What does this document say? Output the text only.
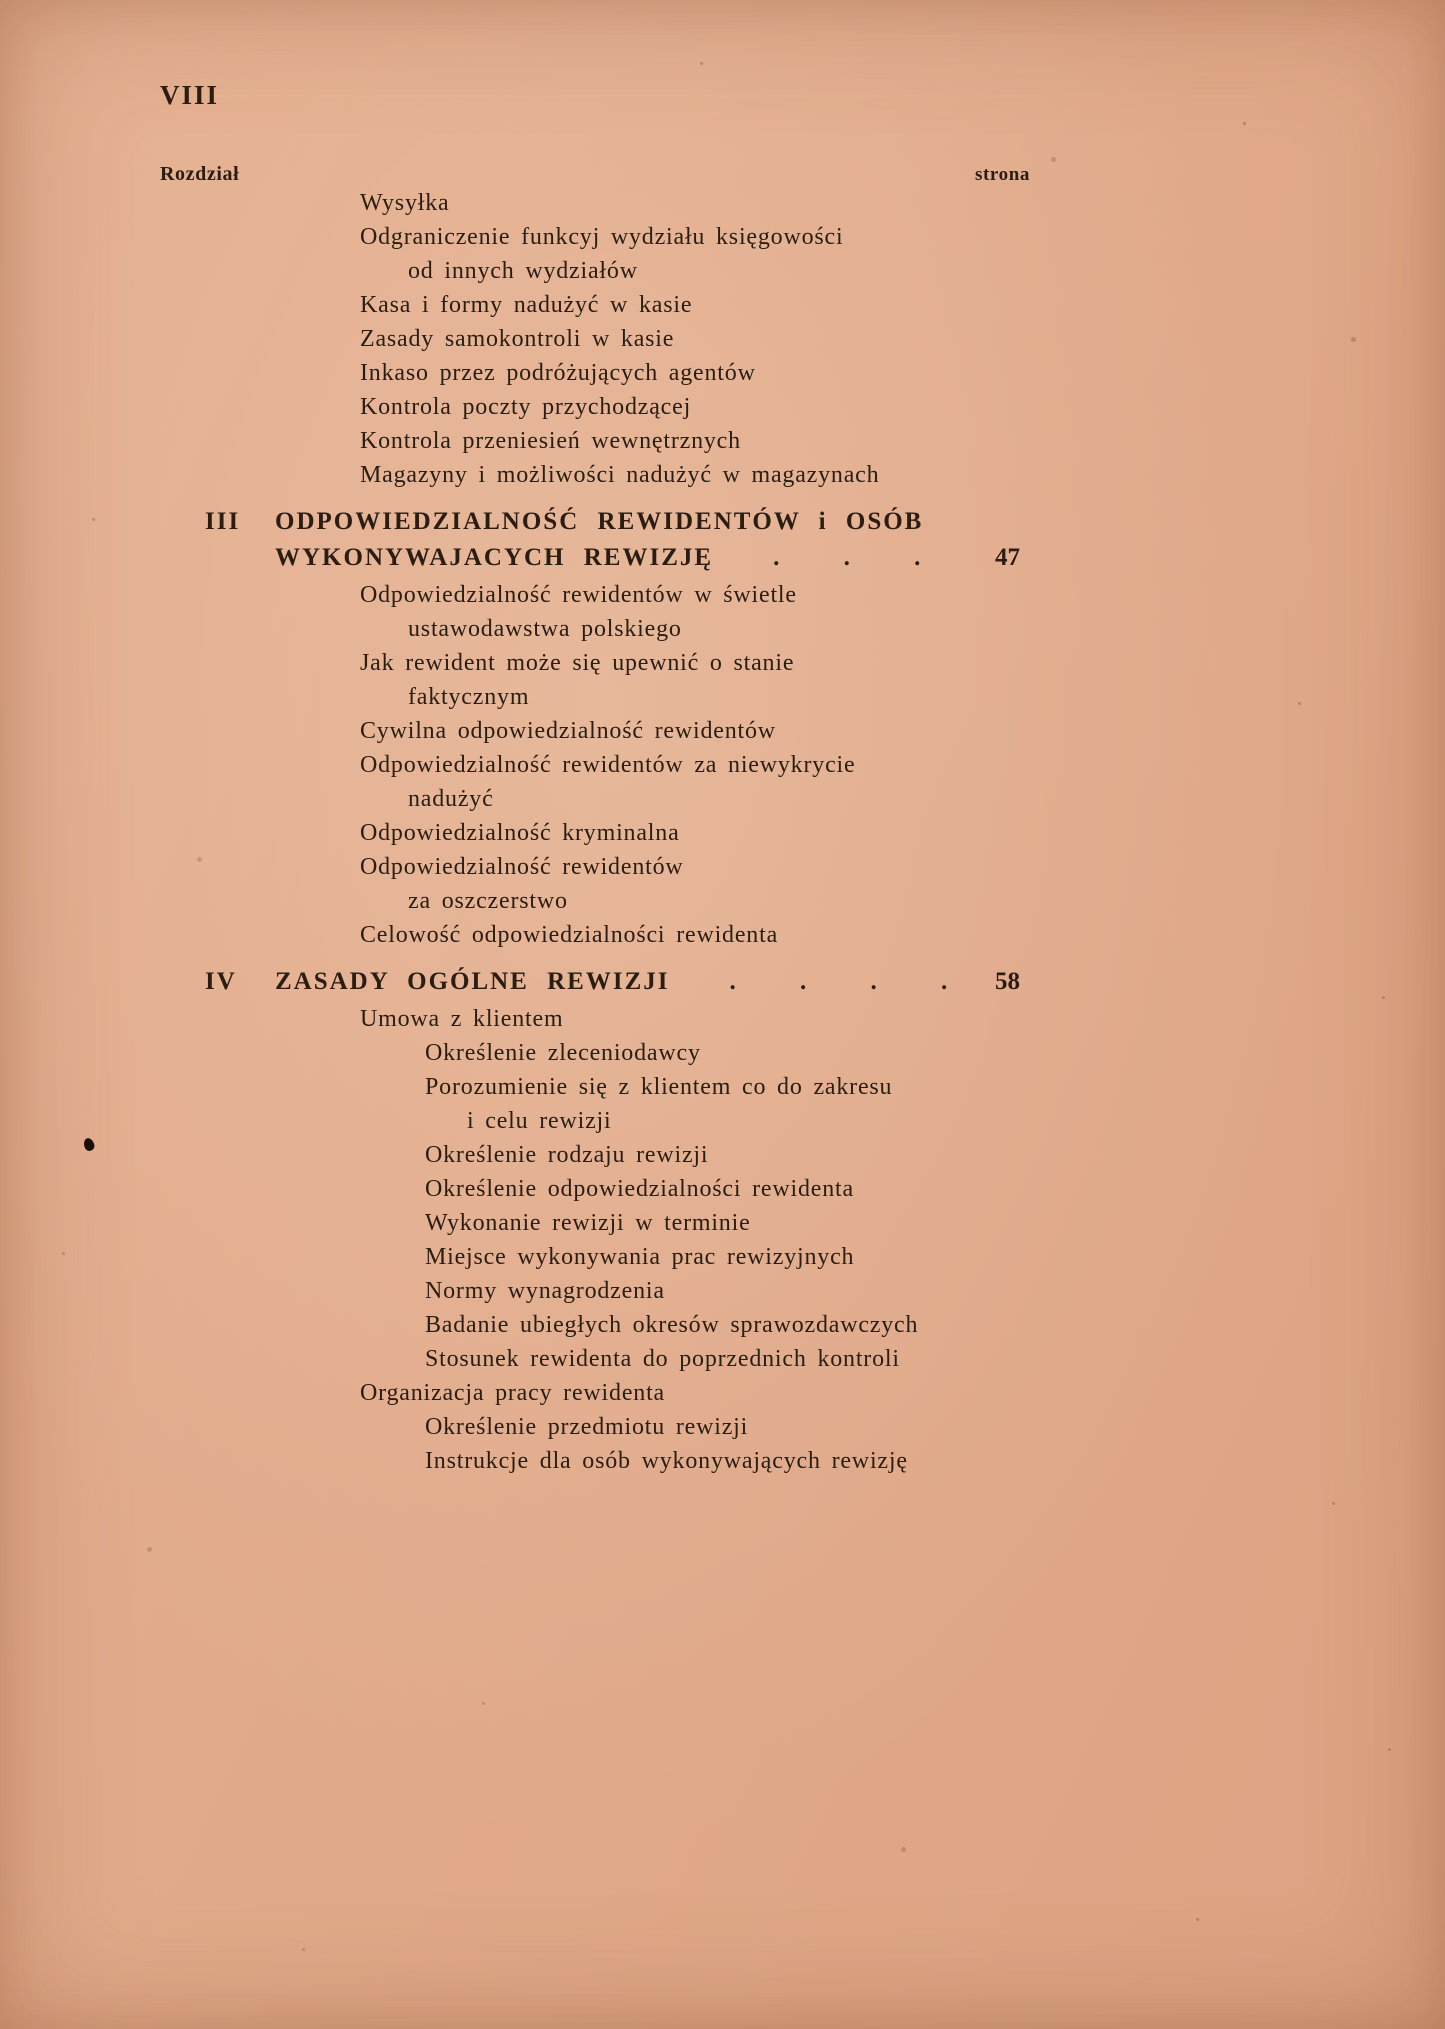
VIII
Rozdział	strona
Wysyłka
Odgraniczenie funkcyj wydziału księgowości
od innych wydziałów
Kasa i formy nadużyć w kasie
Zasady samokontroli w kasie
Inkaso przez podróżujących agentów
Kontrola poczty przychodzącej
Kontrola przeniesień wewnętrznych
Magazyny i możliwości nadużyć w magazynach
III ODPOWIEDZIALNOŚĆ REWIDENTÓW i OSÓB
WYKONYWAJACYCH REWIZJĘ . . .	47
Odpowiedzialność rewidentów w świetle
ustawodawstwa polskiego
Jak rewident może się upewnić o stanie
faktycznym
Cywilna odpowiedzialność rewidentów
Odpowiedzialność rewidentów za niewykrycie
nadużyć
Odpowiedzialność kryminalna
Odpowiedzialność rewidentów
za oszczerstwo
Celowość odpowiedzialności rewidenta
IV ZASADY OGÓLNE REWIZJI . . . . 58
Umowa z klientem
Określenie zleceniodawcy
Porozumienie się z klientem co do zakresu
i celu rewizji
Określenie rodzaju rewizji
Określenie odpowiedzialności rewidenta
Wykonanie rewizji w terminie
Miejsce wykonywania prac rewizyjnych
Normy wynagrodzenia
Badanie ubiegłych okresów sprawozdawczych
Stosunek rewidenta do poprzednich kontroli
Organizacja pracy rewidenta
Określenie przedmiotu rewizji
Instrukcje dla osób wykonywających rewizję
